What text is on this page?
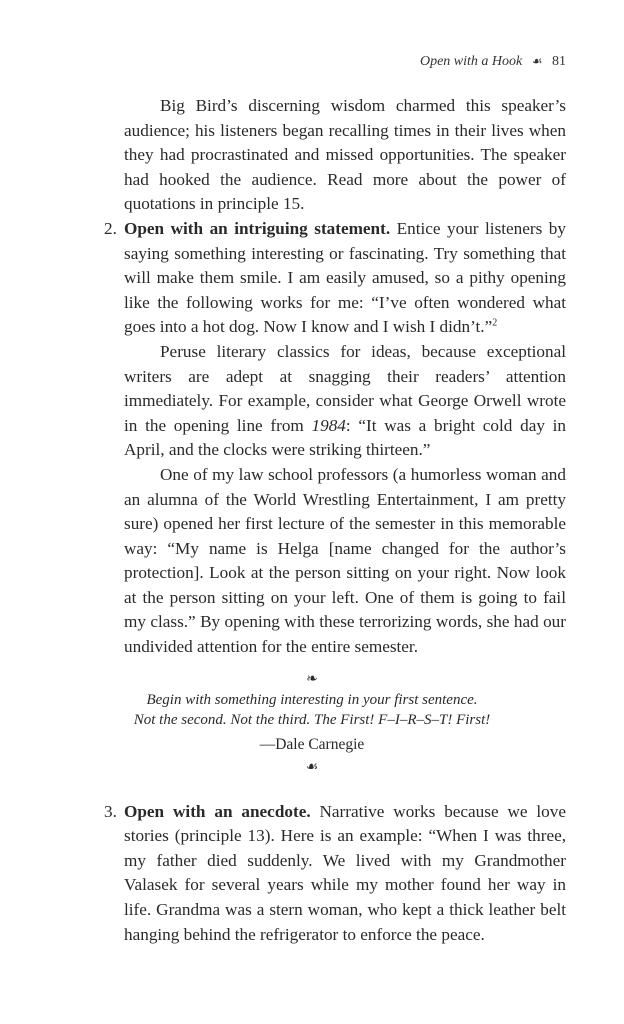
Open with a Hook ☙ 81

Big Bird’s discerning wisdom charmed this speaker’s audience; his listeners began recalling times in their lives when they had procrastinated and missed opportunities. The speaker had hooked the audience. Read more about the power of quotations in principle 15.

2. Open with an intriguing statement. Entice your listeners by saying something interesting or fascinating. Try something that will make them smile. I am easily amused, so a pithy opening like the following works for me: “I’ve often wondered what goes into a hot dog. Now I know and I wish I didn’t.”$^2$

Peruse literary classics for ideas, because exceptional writers are adept at snagging their readers’ attention immediately. For example, consider what George Orwell wrote in the opening line from 1984: “It was a bright cold day in April, and the clocks were striking thirteen.”

One of my law school professors (a humorless woman and an alumna of the World Wrestling Entertainment, I am pretty sure) opened her first lecture of the semester in this memorable way: “My name is Helga [name changed for the author’s protection]. Look at the person sitting on your right. Now look at the person sitting on your left. One of them is going to fail my class.” By opening with these terrorizing words, she had our undivided attention for the entire semester.

❧

Begin with something interesting in your first sentence.

Not the second. Not the third. The First! F–I–R–S–T! First!

—Dale Carnegie

☙

3. Open with an anecdote. Narrative works because we love stories (principle 13). Here is an example: “When I was three, my father died suddenly. We lived with my Grandmother Valasek for several years while my mother found her way in life. Grandma was a stern woman, who kept a thick leather belt hanging behind the refrigerator to enforce the peace.
